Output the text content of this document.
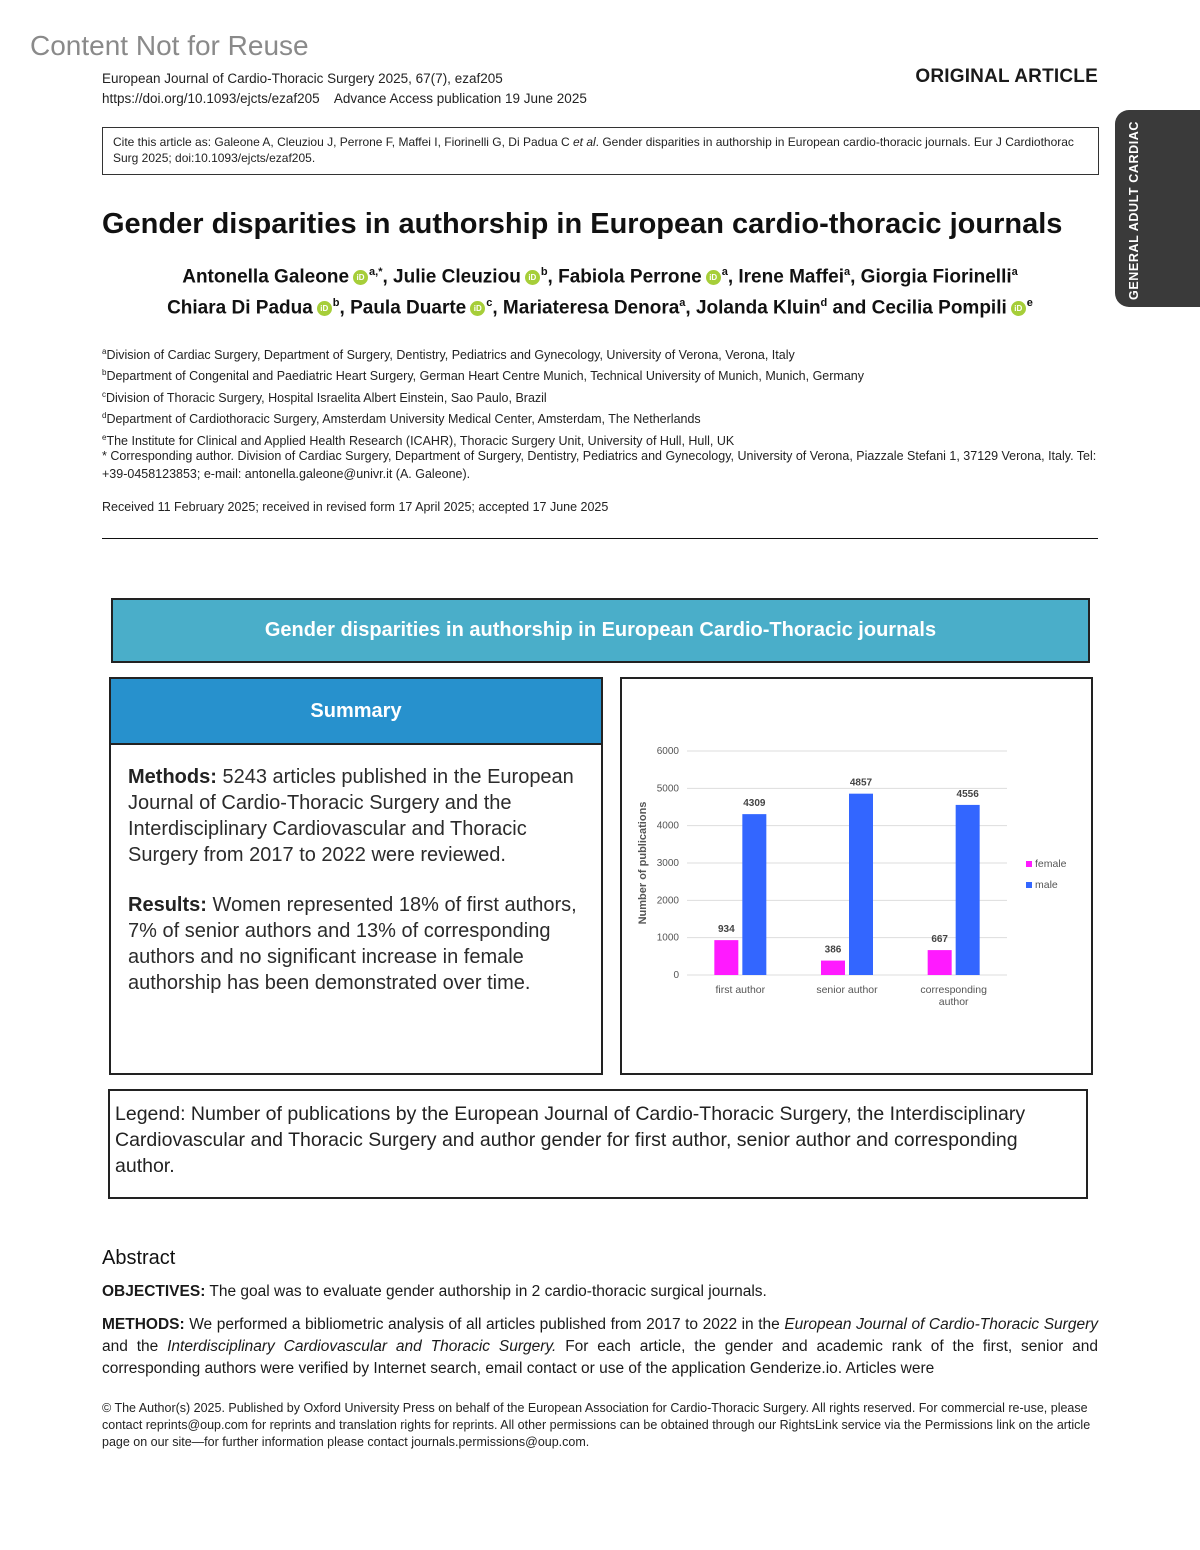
Content Not for Reuse
European Journal of Cardio-Thoracic Surgery 2025, 67(7), ezaf205
https://doi.org/10.1093/ejcts/ezaf205    Advance Access publication 19 June 2025
ORIGINAL ARTICLE
GENERAL ADULT CARDIAC
Cite this article as: Galeone A, Cleuziou J, Perrone F, Maffei I, Fiorinelli G, Di Padua C et al. Gender disparities in authorship in European cardio-thoracic journals. Eur J Cardiothorac Surg 2025; doi:10.1093/ejcts/ezaf205.
Gender disparities in authorship in European cardio-thoracic journals
Antonella Galeone iD $^{a,*}$, Julie Cleuziou iD $^b$, Fabiola Perrone iD $^a$, Irene Maffei$^a$, Giorgia Fiorinelli$^a$
Chiara Di Padua iD $^b$, Paula Duarte iD $^c$, Mariateresa Denora$^a$, Jolanda Kluin$^d$ and Cecilia Pompili iD $^e$
$^a$Division of Cardiac Surgery, Department of Surgery, Dentistry, Pediatrics and Gynecology, University of Verona, Verona, Italy
$^b$Department of Congenital and Paediatric Heart Surgery, German Heart Centre Munich, Technical University of Munich, Munich, Germany
$^c$Division of Thoracic Surgery, Hospital Israelita Albert Einstein, Sao Paulo, Brazil
$^d$Department of Cardiothoracic Surgery, Amsterdam University Medical Center, Amsterdam, The Netherlands
$^e$The Institute for Clinical and Applied Health Research (ICAHR), Thoracic Surgery Unit, University of Hull, Hull, UK
* Corresponding author. Division of Cardiac Surgery, Department of Surgery, Dentistry, Pediatrics and Gynecology, University of Verona, Piazzale Stefani 1, 37129 Verona, Italy. Tel: +39-0458123853; e-mail: antonella.galeone@univr.it (A. Galeone).
Received 11 February 2025; received in revised form 17 April 2025; accepted 17 June 2025
Gender disparities in authorship in European Cardio-Thoracic journals
Summary

Methods: 5243 articles published in the European Journal of Cardio-Thoracic Surgery and the Interdisciplinary Cardiovascular and Thoracic Surgery from 2017 to 2022 were reviewed.

Results: Women represented 18% of first authors, 7% of senior authors and 13% of corresponding authors and no significant increase in female authorship has been demonstrated over time.	0
1000
2000
3000
4000
5000
6000
Number of publications
934
4309
first author
386
4857
senior author
667
4556
corresponding
author
female
male
Legend: Number of publications by the European Journal of Cardio-Thoracic Surgery, the Interdisciplinary Cardiovascular and Thoracic Surgery and author gender for first author, senior author and corresponding author.
Abstract
OBJECTIVES: The goal was to evaluate gender authorship in 2 cardio-thoracic surgical journals.
METHODS: We performed a bibliometric analysis of all articles published from 2017 to 2022 in the European Journal of Cardio-Thoracic Surgery and the Interdisciplinary Cardiovascular and Thoracic Surgery. For each article, the gender and academic rank of the first, senior and corresponding authors were verified by Internet search, email contact or use of the application Genderize.io. Articles were
© The Author(s) 2025. Published by Oxford University Press on behalf of the European Association for Cardio-Thoracic Surgery. All rights reserved. For commercial re-use, please contact reprints@oup.com for reprints and translation rights for reprints. All other permissions can be obtained through our RightsLink service via the Permissions link on the article page on our site—for further information please contact journals.permissions@oup.com.
